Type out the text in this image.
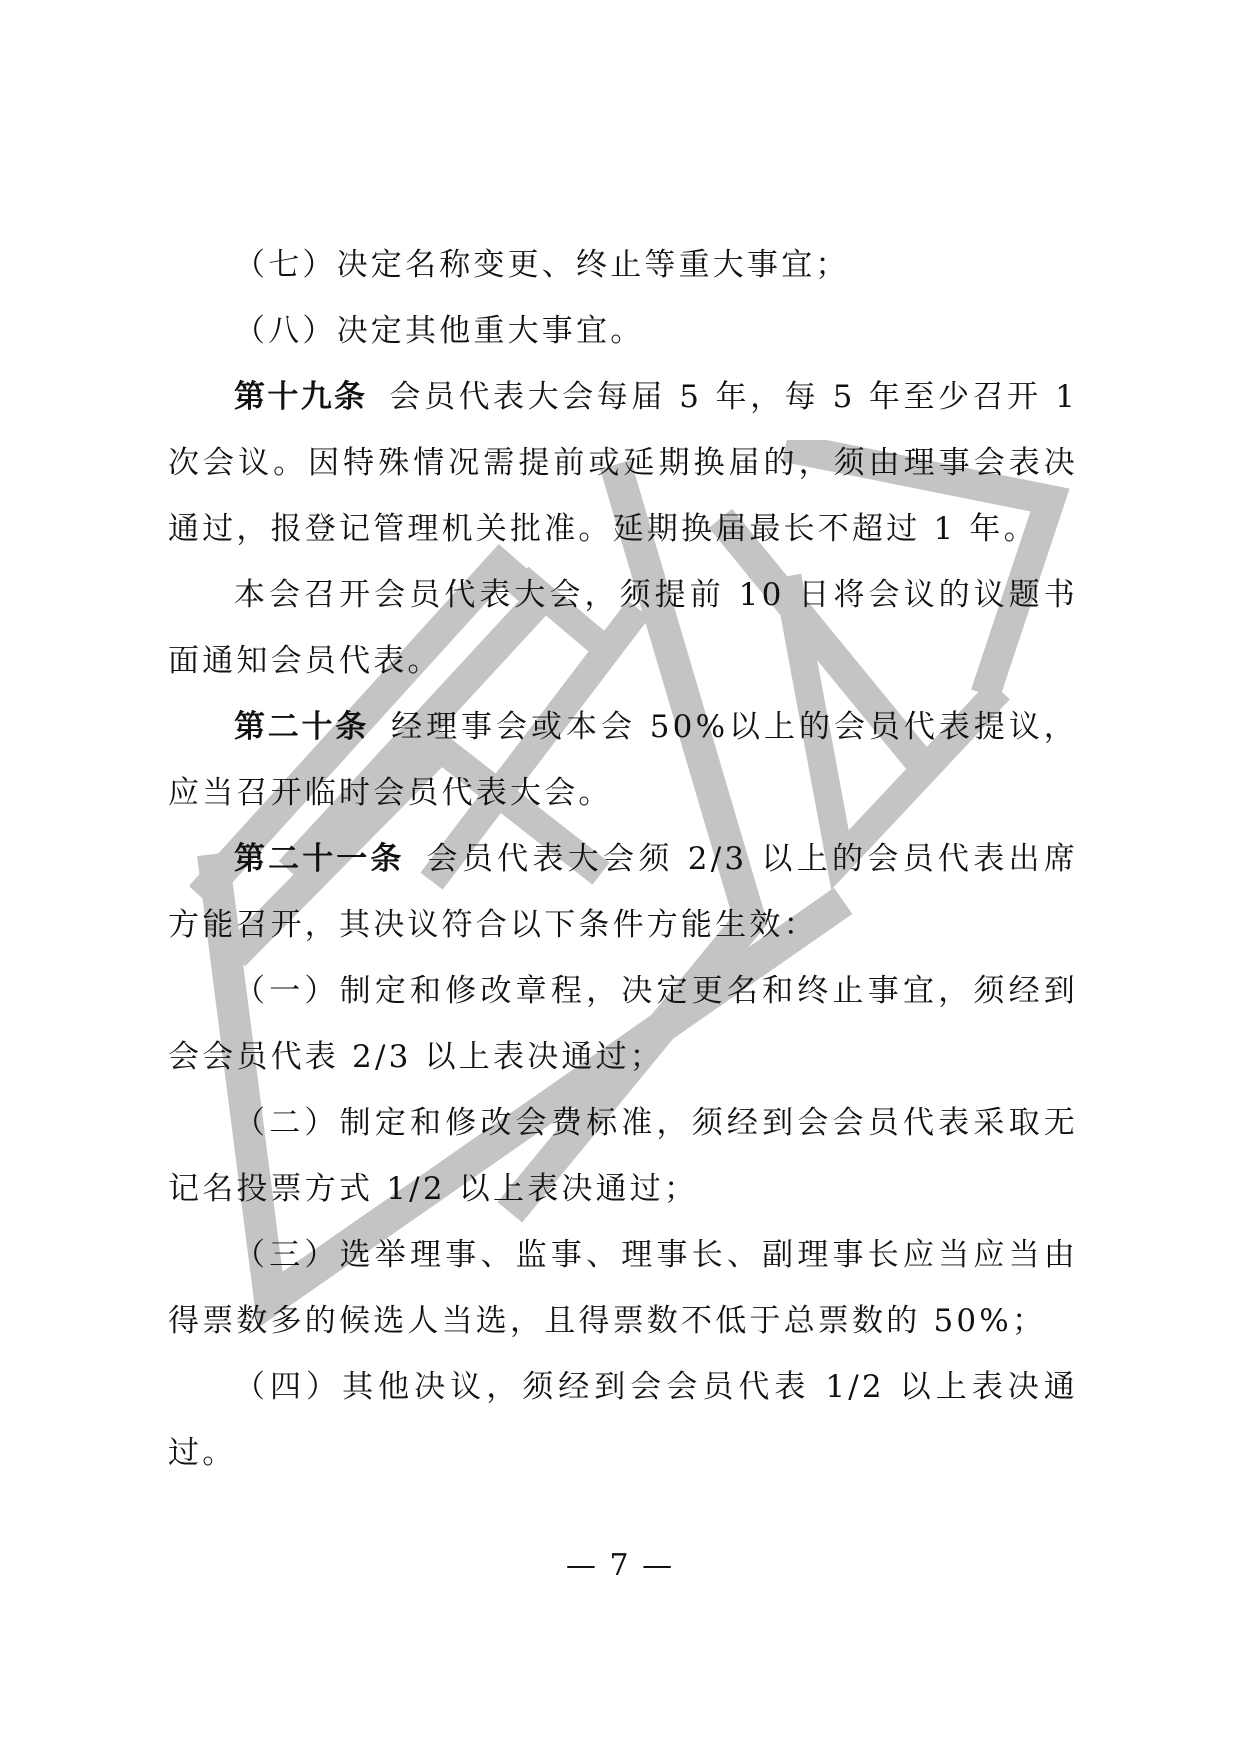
（七）决定名称变更、终止等重大事宜；

（八）决定其他重大事宜。

第十九条 会员代表大会每届 5 年，每 5 年至少召开 1 次会议。因特殊情况需提前或延期换届的，须由理事会表决通过，报登记管理机关批准。延期换届最长不超过 1 年。

本会召开会员代表大会，须提前 10 日将会议的议题书面通知会员代表。

第二十条 经理事会或本会 50%以上的会员代表提议，应当召开临时会员代表大会。

第二十一条 会员代表大会须 2/3 以上的会员代表出席方能召开，其决议符合以下条件方能生效：

（一）制定和修改章程，决定更名和终止事宜，须经到会会员代表 2/3 以上表决通过；

（二）制定和修改会费标准，须经到会会员代表采取无记名投票方式 1/2 以上表决通过；

（三）选举理事、监事、理事长、副理事长应当应当由得票数多的候选人当选，且得票数不低于总票数的 50%；

（四）其他决议，须经到会会员代表 1/2 以上表决通过。

— 7 —
